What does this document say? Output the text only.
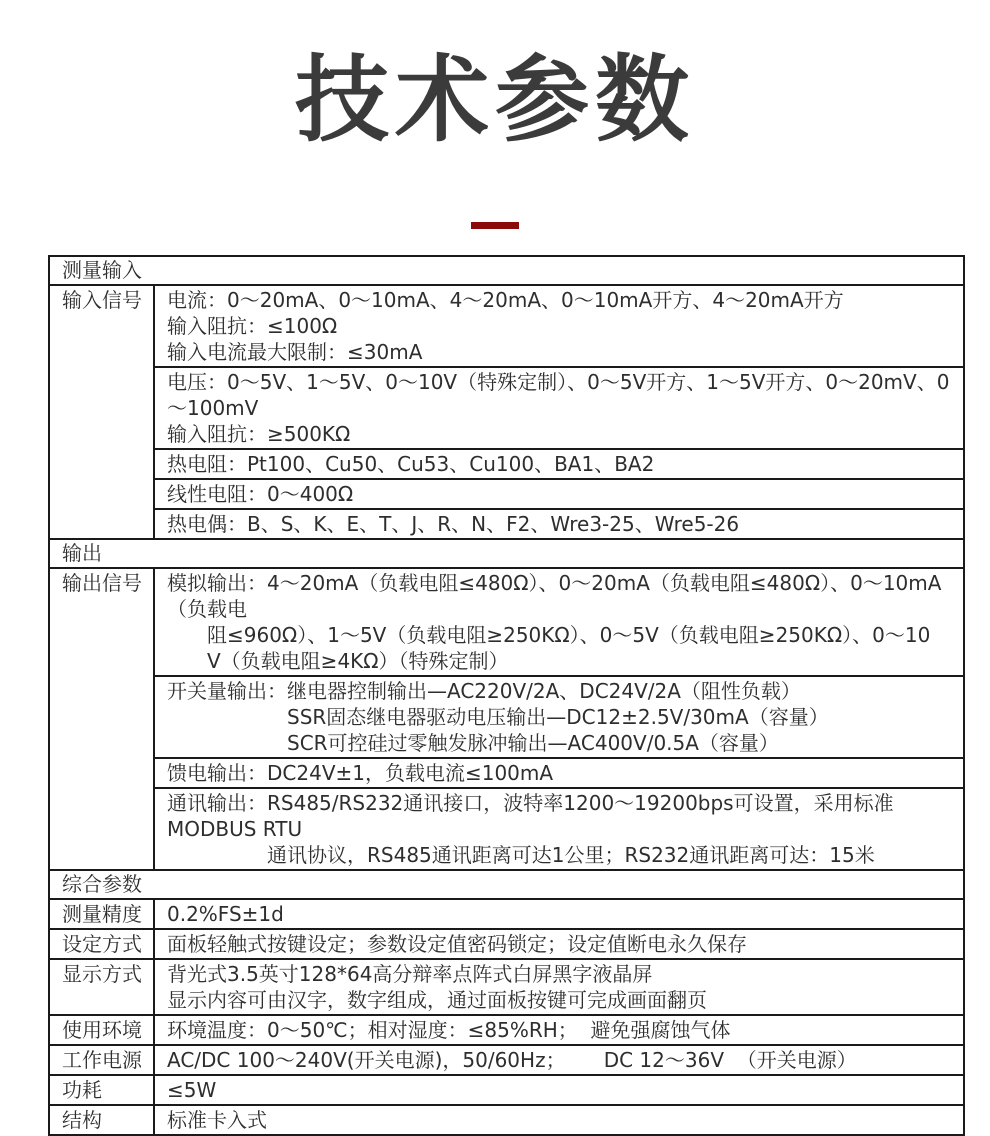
技术参数
测量输入	
输入信号	电流：0～20mA、0～10mA、4～20mA、0～10mA开方、4～20mA开方
输入阻抗：≤100Ω
输入电流最大限制：≤30mA

	电压：0～5V、1～5V、0～10V（特殊定制）、0～5V开方、1～5V开方、0～20mV、0～100mV
输入阻抗：≥500KΩ

	热电阻：Pt100、Cu50、Cu53、Cu100、BA1、BA2

	线性电阻：0～400Ω

	热电偶：B、S、K、E、T、J、R、N、F2、Wre3-25、Wre5-26

输出	
输出信号	模拟输出：4～20mA（负载电阻≤480Ω）、0～20mA（负载电阻≤480Ω）、0～10mA（负载电
阻≤960Ω）、1～5V（负载电阻≥250KΩ）、0～5V（负载电阻≥250KΩ）、0～10
V（负载电阻≥4KΩ）（特殊定制）

	开关量输出：继电器控制输出—AC220V/2A、DC24V/2A（阻性负载）
SSR固态继电器驱动电压输出—DC12±2.5V/30mA（容量）
SCR可控硅过零触发脉冲输出—AC400V/0.5A（容量）

	馈电输出：DC24V±1，负载电流≤100mA

	通讯输出：RS485/RS232通讯接口，波特率1200～19200bps可设置，采用标准MODBUS RTU
通讯协议，RS485通讯距离可达1公里；RS232通讯距离可达：15米

综合参数	
测量精度	0.2%FS±1d

设定方式	面板轻触式按键设定；参数设定值密码锁定；设定值断电永久保存

显示方式	背光式3.5英寸128*64高分辩率点阵式白屏黑字液晶屏
显示内容可由汉字，数字组成，通过面板按键可完成画面翻页

使用环境	环境温度：0～50℃；相对湿度：≤85%RH；  避免强腐蚀气体

工作电源	AC/DC 100～240V(开关电源)，50/60Hz；      DC 12～36V  （开关电源）

功耗	≤5W

结构	标准卡入式
